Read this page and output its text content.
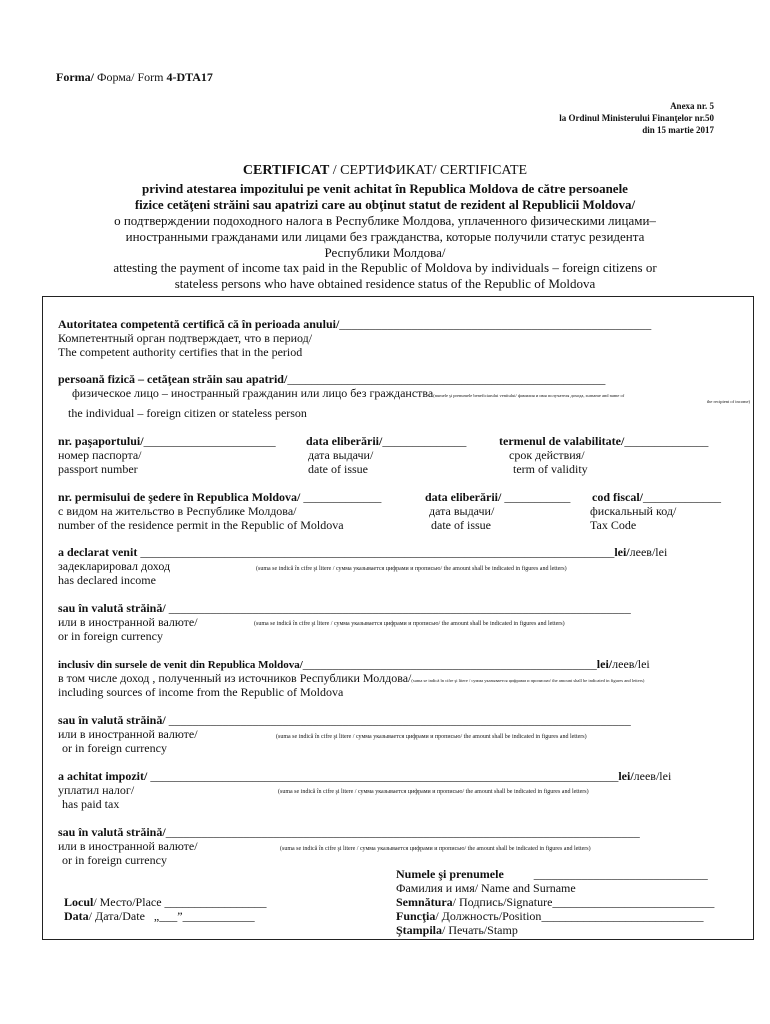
Forma/ Форма/ Form 4-DTA17
Anexa nr. 5
la Ordinul Ministerului Finanţelor nr.50
din 15 martie 2017
CERTIFICAT / СЕРТИФИКАТ/ CERTIFICATE
privind atestarea impozitului pe venit achitat în Republica Moldova de către persoanele
fizice cetăţeni străini sau apatrizi care au obţinut statut de rezident al Republicii Moldova/
о подтверждении подоходного налога в Республике Молдова, уплаченного физическими лицами–
иностранными гражданами или лицами без гражданства, которые получили статус резидента
Республики Молдова/
attesting the payment of income tax paid in the Republic of Moldova by individuals – foreign citizens or
stateless persons who have obtained residence status of the Republic of Moldova
Autoritatea competentă certifică că în perioada anului/____________________________________________________
Компетентный орган подтверждает, что в период/
The competent authority certifies that in the period
persoană fizică – cetăţean străin sau apatrid/_____________________________________________________
физическое лицо – иностранный гражданин или лицо без гражданства(numele şi prenumele beneficiarului venitului/ фамилия и имя получателя дохода, surname and name of
the recipient of income)
the individual – foreign citizen or stateless person
nr. paşaportului/______________________
номер паспорта/
passport number
data eliberării/______________
дата выдачи/
date of issue
termenul de valabilitate/______________
срок действия/
term of validity
nr. permisului de şedere în Republica Moldova/ _____________
с видом на жительство в Республике Молдова/
number of the residence permit in the Republic of Moldova
data eliberării/ ___________
дата выдачи/
date of issue
cod fiscal/_____________
фискальный код/
Tax Code
a declarat venit _______________________________________________________________________________lei/леев/lei
задекларировал доход	(suma se indică în cifre şi litere / сумма указывается цифрами и прописью/ the amount shall be indicated in figures and letters)
has declared income
sau în valută străină/ _____________________________________________________________________________
или в иностранной валюте/	(suma se indică în cifre şi litere / сумма указывается цифрами и прописью/ the amount shall be indicated in figures and letters)
or in foreign currency
inclusiv din sursele de venit din Republica Moldova/_________________________________________________lei/леев/lei
в том числе доход , полученный из источников Республики Молдова/(suma se indică în cifre şi litere / сумма указывается цифрами и прописью/ the amount shall be indicated in figures and letters)
including sources of income from the Republic of Moldova
sau în valută străină/ _____________________________________________________________________________
или в иностранной валюте/	(suma se indică în cifre şi litere / сумма указывается цифрами и прописью/ the amount shall be indicated in figures and letters)
or in foreign currency
a achitat impozit/ ______________________________________________________________________________lei/леев/lei
уплатил налог/	(suma se indică în cifre şi litere / сумма указывается цифрами и прописью/ the amount shall be indicated in figures and letters)
has paid tax
sau în valută străină/_______________________________________________________________________________
или в иностранной валюте/	(suma se indică în cifre şi litere / сумма указывается цифрами и прописью/ the amount shall be indicated in figures and letters)
or in foreign currency
Numele şi prenumele	_____________________________
Фамилия и имя/ Name and Surname
Semnătura/ Подпись/Signature___________________________
Funcţia/ Должность/Position___________________________
Ştampila/ Печать/Stamp
Locul/ Место/Place _________________
Data/ Дата/Date „___”____________
